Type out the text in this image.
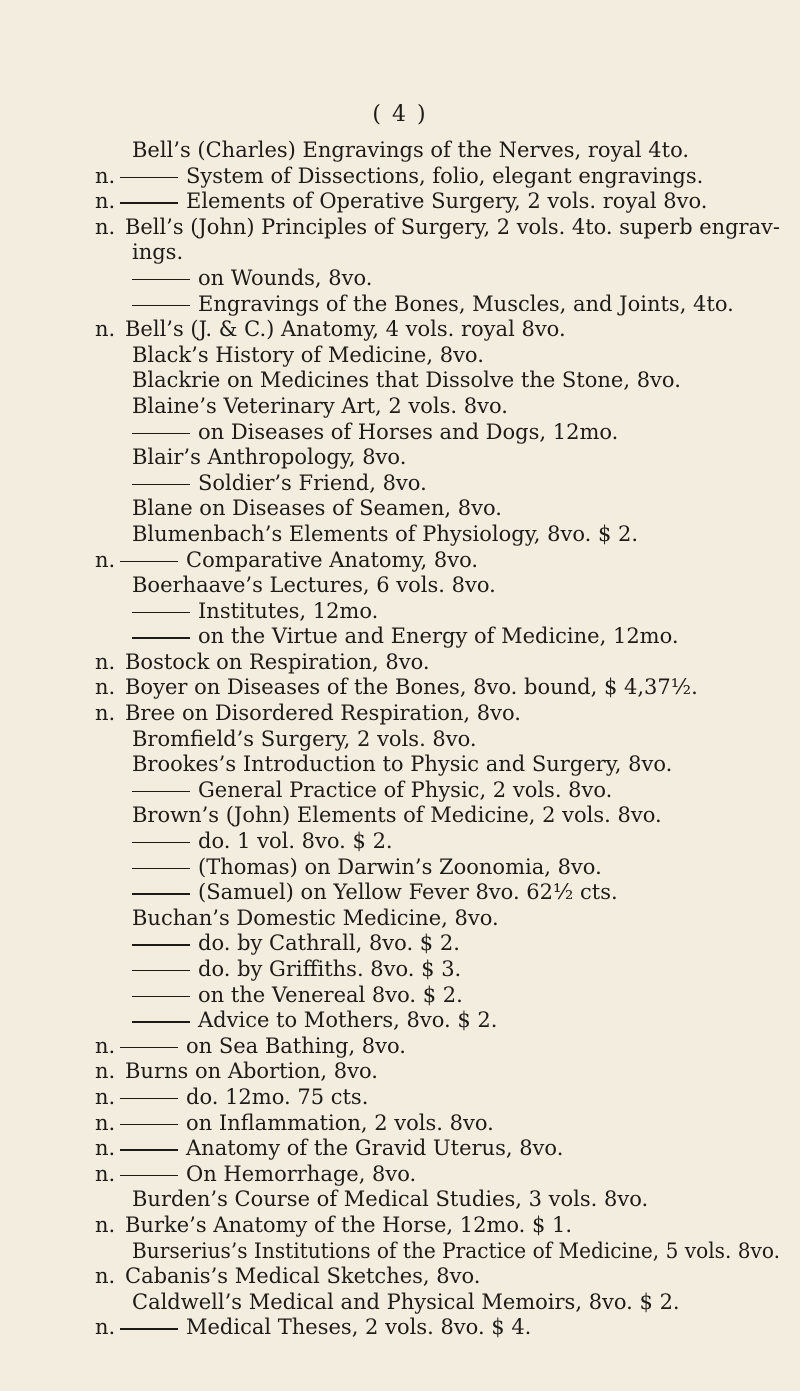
( 4 )
Bell’s (Charles) Engravings of the Nerves, royal 4to.
n.	System of Dissections, folio, elegant engravings.
n.	Elements of Operative Surgery, 2 vols. royal 8vo.
n. Bell’s (John) Principles of Surgery, 2 vols. 4to. superb engrav-
ings.
on Wounds, 8vo.
Engravings of the Bones, Muscles, and Joints, 4to.
n. Bell’s (J. & C.) Anatomy, 4 vols. royal 8vo.
Black’s History of Medicine, 8vo.
Blackrie on Medicines that Dissolve the Stone, 8vo.
Blaine’s Veterinary Art, 2 vols. 8vo.
on Diseases of Horses and Dogs, 12mo.
Blair’s Anthropology, 8vo.
Soldier’s Friend, 8vo.
Blane on Diseases of Seamen, 8vo.
Blumenbach’s Elements of Physiology, 8vo. $ 2.
n.	Comparative Anatomy, 8vo.
Boerhaave’s Lectures, 6 vols. 8vo.
Institutes, 12mo.
on the Virtue and Energy of Medicine, 12mo.
n. Bostock on Respiration, 8vo.
n. Boyer on Diseases of the Bones, 8vo. bound, $ 4,37½.
n. Bree on Disordered Respiration, 8vo.
Bromfield’s Surgery, 2 vols. 8vo.
Brookes’s Introduction to Physic and Surgery, 8vo.
General Practice of Physic, 2 vols. 8vo.
Brown’s (John) Elements of Medicine, 2 vols. 8vo.
do. 1 vol. 8vo. $ 2.
(Thomas) on Darwin’s Zoonomia, 8vo.
(Samuel) on Yellow Fever 8vo. 62½ cts.
Buchan’s Domestic Medicine, 8vo.
do. by Cathrall, 8vo. $ 2.
do. by Griffiths. 8vo. $ 3.
on the Venereal 8vo. $ 2.
Advice to Mothers, 8vo. $ 2.
n.	on Sea Bathing, 8vo.
n. Burns on Abortion, 8vo.
n.	do. 12mo. 75 cts.
n.	on Inflammation, 2 vols. 8vo.
n.	Anatomy of the Gravid Uterus, 8vo.
n.	On Hemorrhage, 8vo.
Burden’s Course of Medical Studies, 3 vols. 8vo.
n. Burke’s Anatomy of the Horse, 12mo. $ 1.
Burserius’s Institutions of the Practice of Medicine, 5 vols. 8vo.
n. Cabanis’s Medical Sketches, 8vo.
Caldwell’s Medical and Physical Memoirs, 8vo. $ 2.
n.	Medical Theses, 2 vols. 8vo. $ 4.
